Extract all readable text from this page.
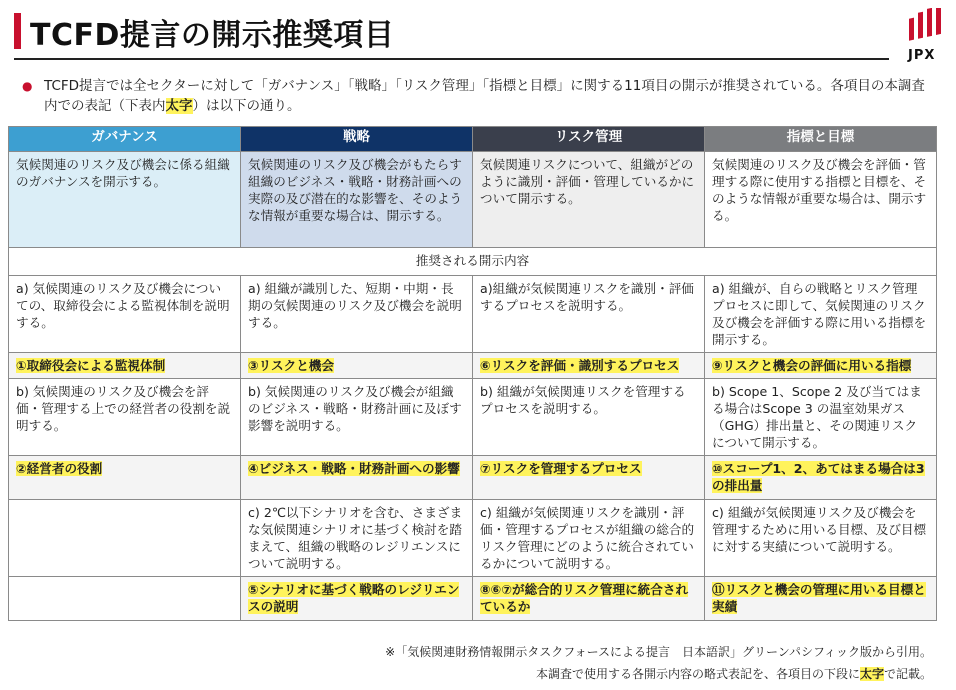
TCFD提言の開示推奨項目
JPX
● TCFD提言では全セクターに対して「ガバナンス」「戦略」「リスク管理」「指標と目標」に関する11項目の開示が推奨されている。各項目の本調査内での表記（下表内太字）は以下の通り。
ガバナンス	戦略	リスク管理	指標と目標
気候関連のリスク及び機会に係る組織のガバナンスを開示する。	気候関連のリスク及び機会がもたらす組織のビジネス・戦略・財務計画への実際の及び潜在的な影響を、そのような情報が重要な場合は、開示する。	気候関連リスクについて、組織がどのように識別・評価・管理しているかについて開示する。	気候関連のリスク及び機会を評価・管理する際に使用する指標と目標を、そのような情報が重要な場合は、開示する。
推奨される開示内容			
a) 気候関連のリスク及び機会についての、取締役会による監視体制を説明する。	a) 組織が識別した、短期・中期・長期の気候関連のリスク及び機会を説明する。	a)組織が気候関連リスクを識別・評価するプロセスを説明する。	a) 組織が、自らの戦略とリスク管理プロセスに即して、気候関連のリスク及び機会を評価する際に用いる指標を開示する。
①取締役会による監視体制	③リスクと機会	⑥リスクを評価・識別するプロセス	⑨リスクと機会の評価に用いる指標
b) 気候関連のリスク及び機会を評価・管理する上での経営者の役割を説明する。	b) 気候関連のリスク及び機会が組織のビジネス・戦略・財務計画に及ぼす影響を説明する。	b) 組織が気候関連リスクを管理するプロセスを説明する。	b) Scope 1、Scope 2 及び当てはまる場合はScope 3 の温室効果ガス（GHG）排出量と、その関連リスクについて開示する。
②経営者の役割	④ビジネス・戦略・財務計画への影響	⑦リスクを管理するプロセス	⑩スコープ1、2、あてはまる場合は3の排出量
	c) 2℃以下シナリオを含む、さまざまな気候関連シナリオに基づく検討を踏まえて、組織の戦略のレジリエンスについて説明する。	c) 組織が気候関連リスクを識別・評価・管理するプロセスが組織の総合的リスク管理にどのように統合されているかについて説明する。	c) 組織が気候関連リスク及び機会を管理するために用いる目標、及び目標に対する実績について説明する。
	⑤シナリオに基づく戦略のレジリエンスの説明	⑧⑥⑦が総合的リスク管理に統合されているか	⑪リスクと機会の管理に用いる目標と実績
※「気候関連財務情報開示タスクフォースによる提言　日本語訳」グリーンパシフィック版から引用。
本調査で使用する各開示内容の略式表記を、各項目の下段に太字で記載。
